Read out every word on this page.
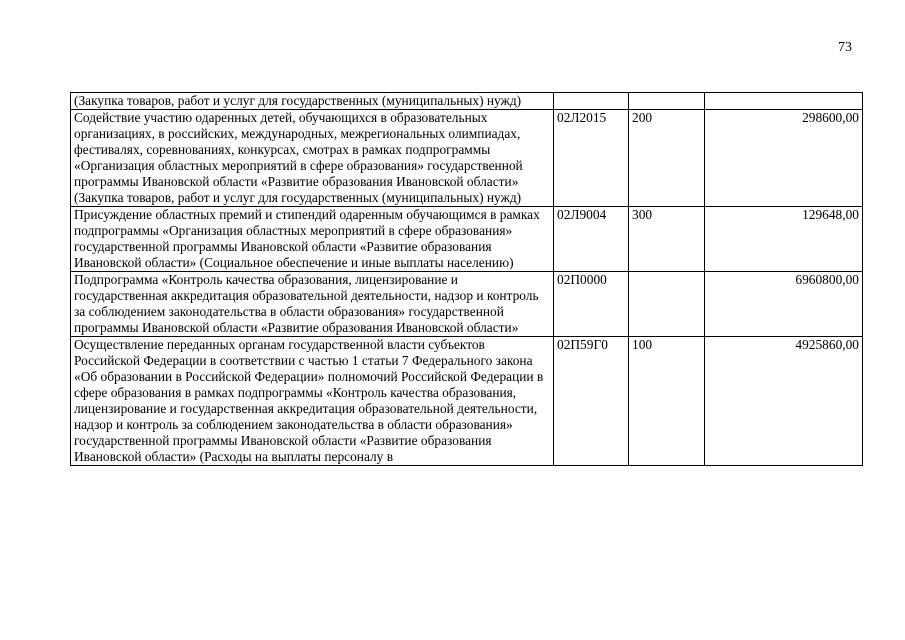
73
(Закупка товаров, работ и услуг для государственных (муниципальных) нужд)			
Содействие участию одаренных детей, обучающихся в образовательных организациях, в российских, международных, межрегиональных олимпиадах, фестивалях, соревнованиях, конкурсах, смотрах в рамках подпрограммы «Организация областных мероприятий в сфере образования» государственной программы Ивановской области «Развитие образования Ивановской области» (Закупка товаров, работ и услуг для государственных (муниципальных) нужд)	02Л2015	200	298600,00
Присуждение областных премий и стипендий одаренным обучающимся в рамках подпрограммы «Организация областных мероприятий в сфере образования» государственной программы Ивановской области «Развитие образования Ивановской области» (Социальное обеспечение и иные выплаты населению)	02Л9004	300	129648,00
Подпрограмма «Контроль качества образования, лицензирование и государственная аккредитация образовательной деятельности, надзор и контроль за соблюдением законодательства в области образования» государственной программы Ивановской области «Развитие образования Ивановской области»	02П0000		6960800,00
Осуществление переданных органам государственной власти субъектов Российской Федерации в соответствии с частью 1 статьи 7 Федерального закона «Об образовании в Российской Федерации» полномочий Российской Федерации в сфере образования в рамках подпрограммы «Контроль качества образования, лицензирование и государственная аккредитация образовательной деятельности, надзор и контроль за соблюдением законодательства в области образования» государственной программы Ивановской области «Развитие образования Ивановской области» (Расходы на выплаты персоналу в	02П59Г0	100	4925860,00
